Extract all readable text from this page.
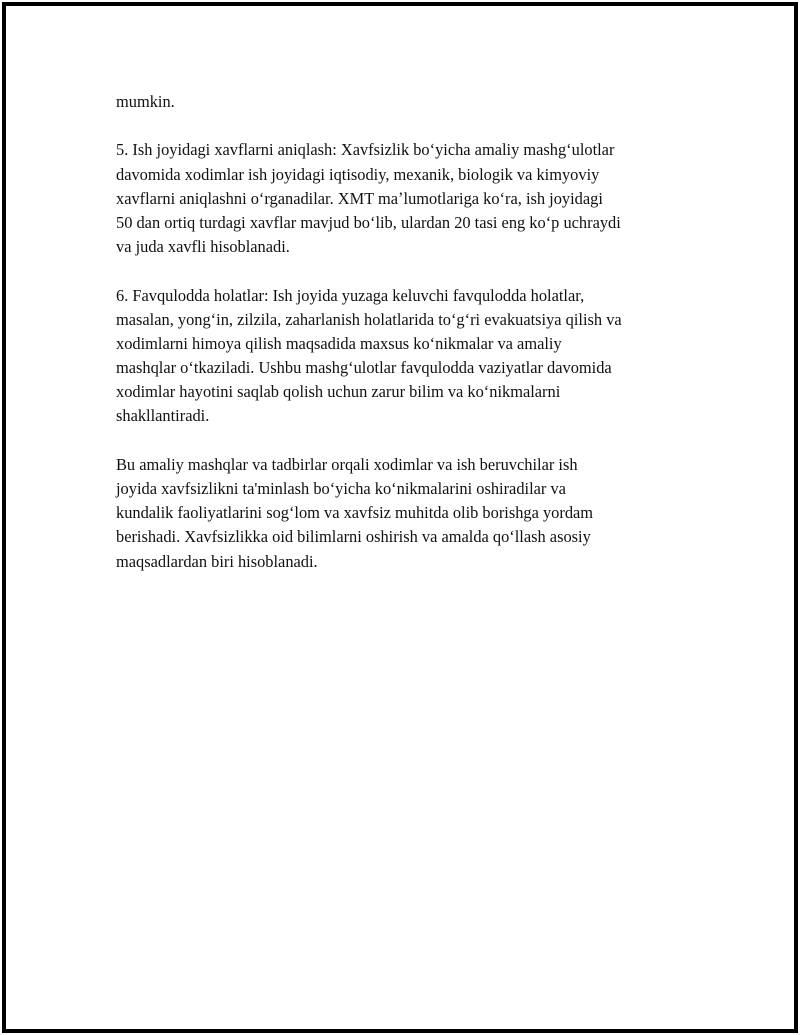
mumkin.
5. Ish joyidagi xavflarni aniqlash: Xavfsizlik boʻyicha amaliy mashgʻulotlar
davomida xodimlar ish joyidagi iqtisodiy, mexanik, biologik va kimyoviy
xavflarni aniqlashni oʻrganadilar. XMT maʼlumotlariga koʻra, ish joyidagi
50 dan ortiq turdagi xavflar mavjud boʻlib, ulardan 20 tasi eng koʻp uchraydi
va juda xavfli hisoblanadi.
6. Favqulodda holatlar: Ish joyida yuzaga keluvchi favqulodda holatlar,
masalan, yongʻin, zilzila, zaharlanish holatlarida toʻgʻri evakuatsiya qilish va
xodimlarni himoya qilish maqsadida maxsus koʻnikmalar va amaliy
mashqlar oʻtkaziladi. Ushbu mashgʻulotlar favqulodda vaziyatlar davomida
xodimlar hayotini saqlab qolish uchun zarur bilim va koʻnikmalarni
shakllantiradi.
Bu amaliy mashqlar va tadbirlar orqali xodimlar va ish beruvchilar ish
joyida xavfsizlikni ta'minlash boʻyicha koʻnikmalarini oshiradilar va
kundalik faoliyatlarini sogʻlom va xavfsiz muhitda olib borishga yordam
berishadi. Xavfsizlikka oid bilimlarni oshirish va amalda qoʻllash asosiy
maqsadlardan biri hisoblanadi.
